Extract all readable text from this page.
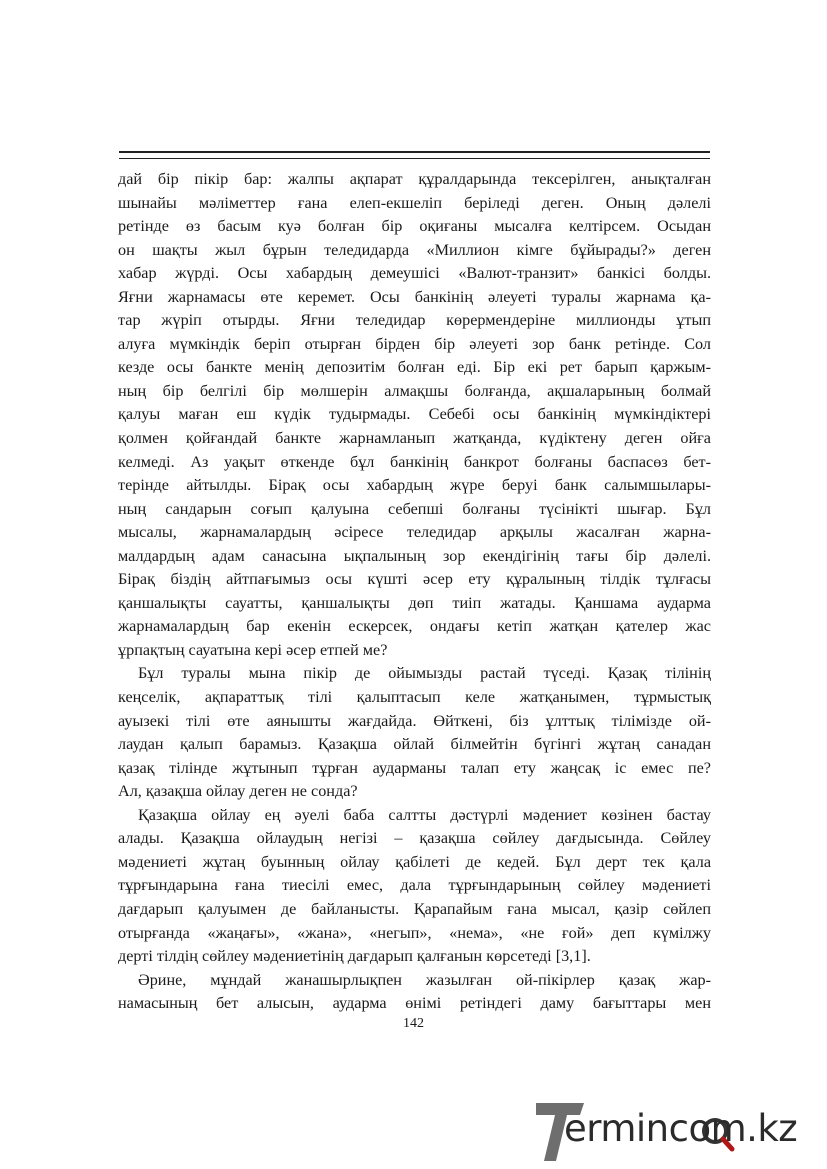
дай бір пікір бар: жалпы ақпарат құралдарында тексерілген, анықталған
шынайы мәліметтер ғана елеп-екшеліп беріледі деген. Оның дәлелі
ретінде өз басым куә болған бір оқиғаны мысалға келтірсем. Осыдан
он шақты жыл бұрын теледидарда «Миллион кімге бұйырады?» деген
хабар жүрді. Осы хабардың демеушісі «Валют-транзит» банкісі болды.
Яғни жарнамасы өте керемет. Осы банкінің әлеуеті туралы жарнама қа-
тар жүріп отырды. Яғни теледидар көрермендеріне миллионды ұтып
алуға мүмкіндік беріп отырған бірден бір әлеуеті зор банк ретінде. Сол
кезде осы банкте менің депозитім болған еді. Бір екі рет барып қаржым-
ның бір белгілі бір мөлшерін алмақшы болғанда, ақшаларының болмай
қалуы маған еш күдік тудырмады. Себебі осы банкінің мүмкіндіктері
қолмен қойғандай банкте жарнамланып жатқанда, күдіктену деген ойға
келмеді. Аз уақыт өткенде бұл банкінің банкрот болғаны баспасөз бет-
терінде айтылды. Бірақ осы хабардың жүре беруі банк салымшылары-
ның сандарын соғып қалуына себепші болғаны түсінікті шығар. Бұл
мысалы, жарнамалардың әсіресе теледидар арқылы жасалған жарна-
малдардың адам санасына ықпалының зор екендігінің тағы бір дәлелі.
Бірақ біздің айтпағымыз осы күшті әсер ету құралының тілдік тұлғасы
қаншалықты сауатты, қаншалықты дөп тиіп жатады. Қаншама аударма
жарнамалардың бар екенін ескерсек, ондағы кетіп жатқан қателер жас
ұрпақтың сауатына кері әсер етпей ме?
Бұл туралы мына пікір де ойымызды растай түседі. Қазақ тілінің
кеңселік, ақпараттық тілі қалыптасып келе жатқанымен, тұрмыстық
ауызекі тілі өте аянышты жағдайда. Өйткені, біз ұлттық тілімізде ой-
лаудан қалып барамыз. Қазақша ойлай білмейтін бүгінгі жұтаң санадан
қазақ тілінде жұтынып тұрған аударманы талап ету жаңсақ іс емес пе?
Ал, қазақша ойлау деген не сонда?
Қазақша ойлау ең әуелі баба салтты дәстүрлі мәдениет көзінен бастау
алады. Қазақша ойлаудың негізі – қазақша сөйлеу дағдысында. Сөйлеу
мәдениеті жұтаң буынның ойлау қабілеті де кедей. Бұл дерт тек қала
тұрғындарына ғана тиесілі емес, дала тұрғындарының сөйлеу мәдениеті
дағдарып қалуымен де байланысты. Қарапайым ғана мысал, қазір сөйлеп
отырғанда «жаңағы», «жана», «негып», «нема», «не ғой» деп күмілжу
дерті тілдің сөйлеу мәдениетінің дағдарып қалғанын көрсетеді [3,1].
Әрине, мұндай жанашырлықпен жазылған ой-пікірлер қазақ жар-
намасының бет алысын, аударма өнімі ретіндегі даму бағыттары мен
142
ermincom.kz
